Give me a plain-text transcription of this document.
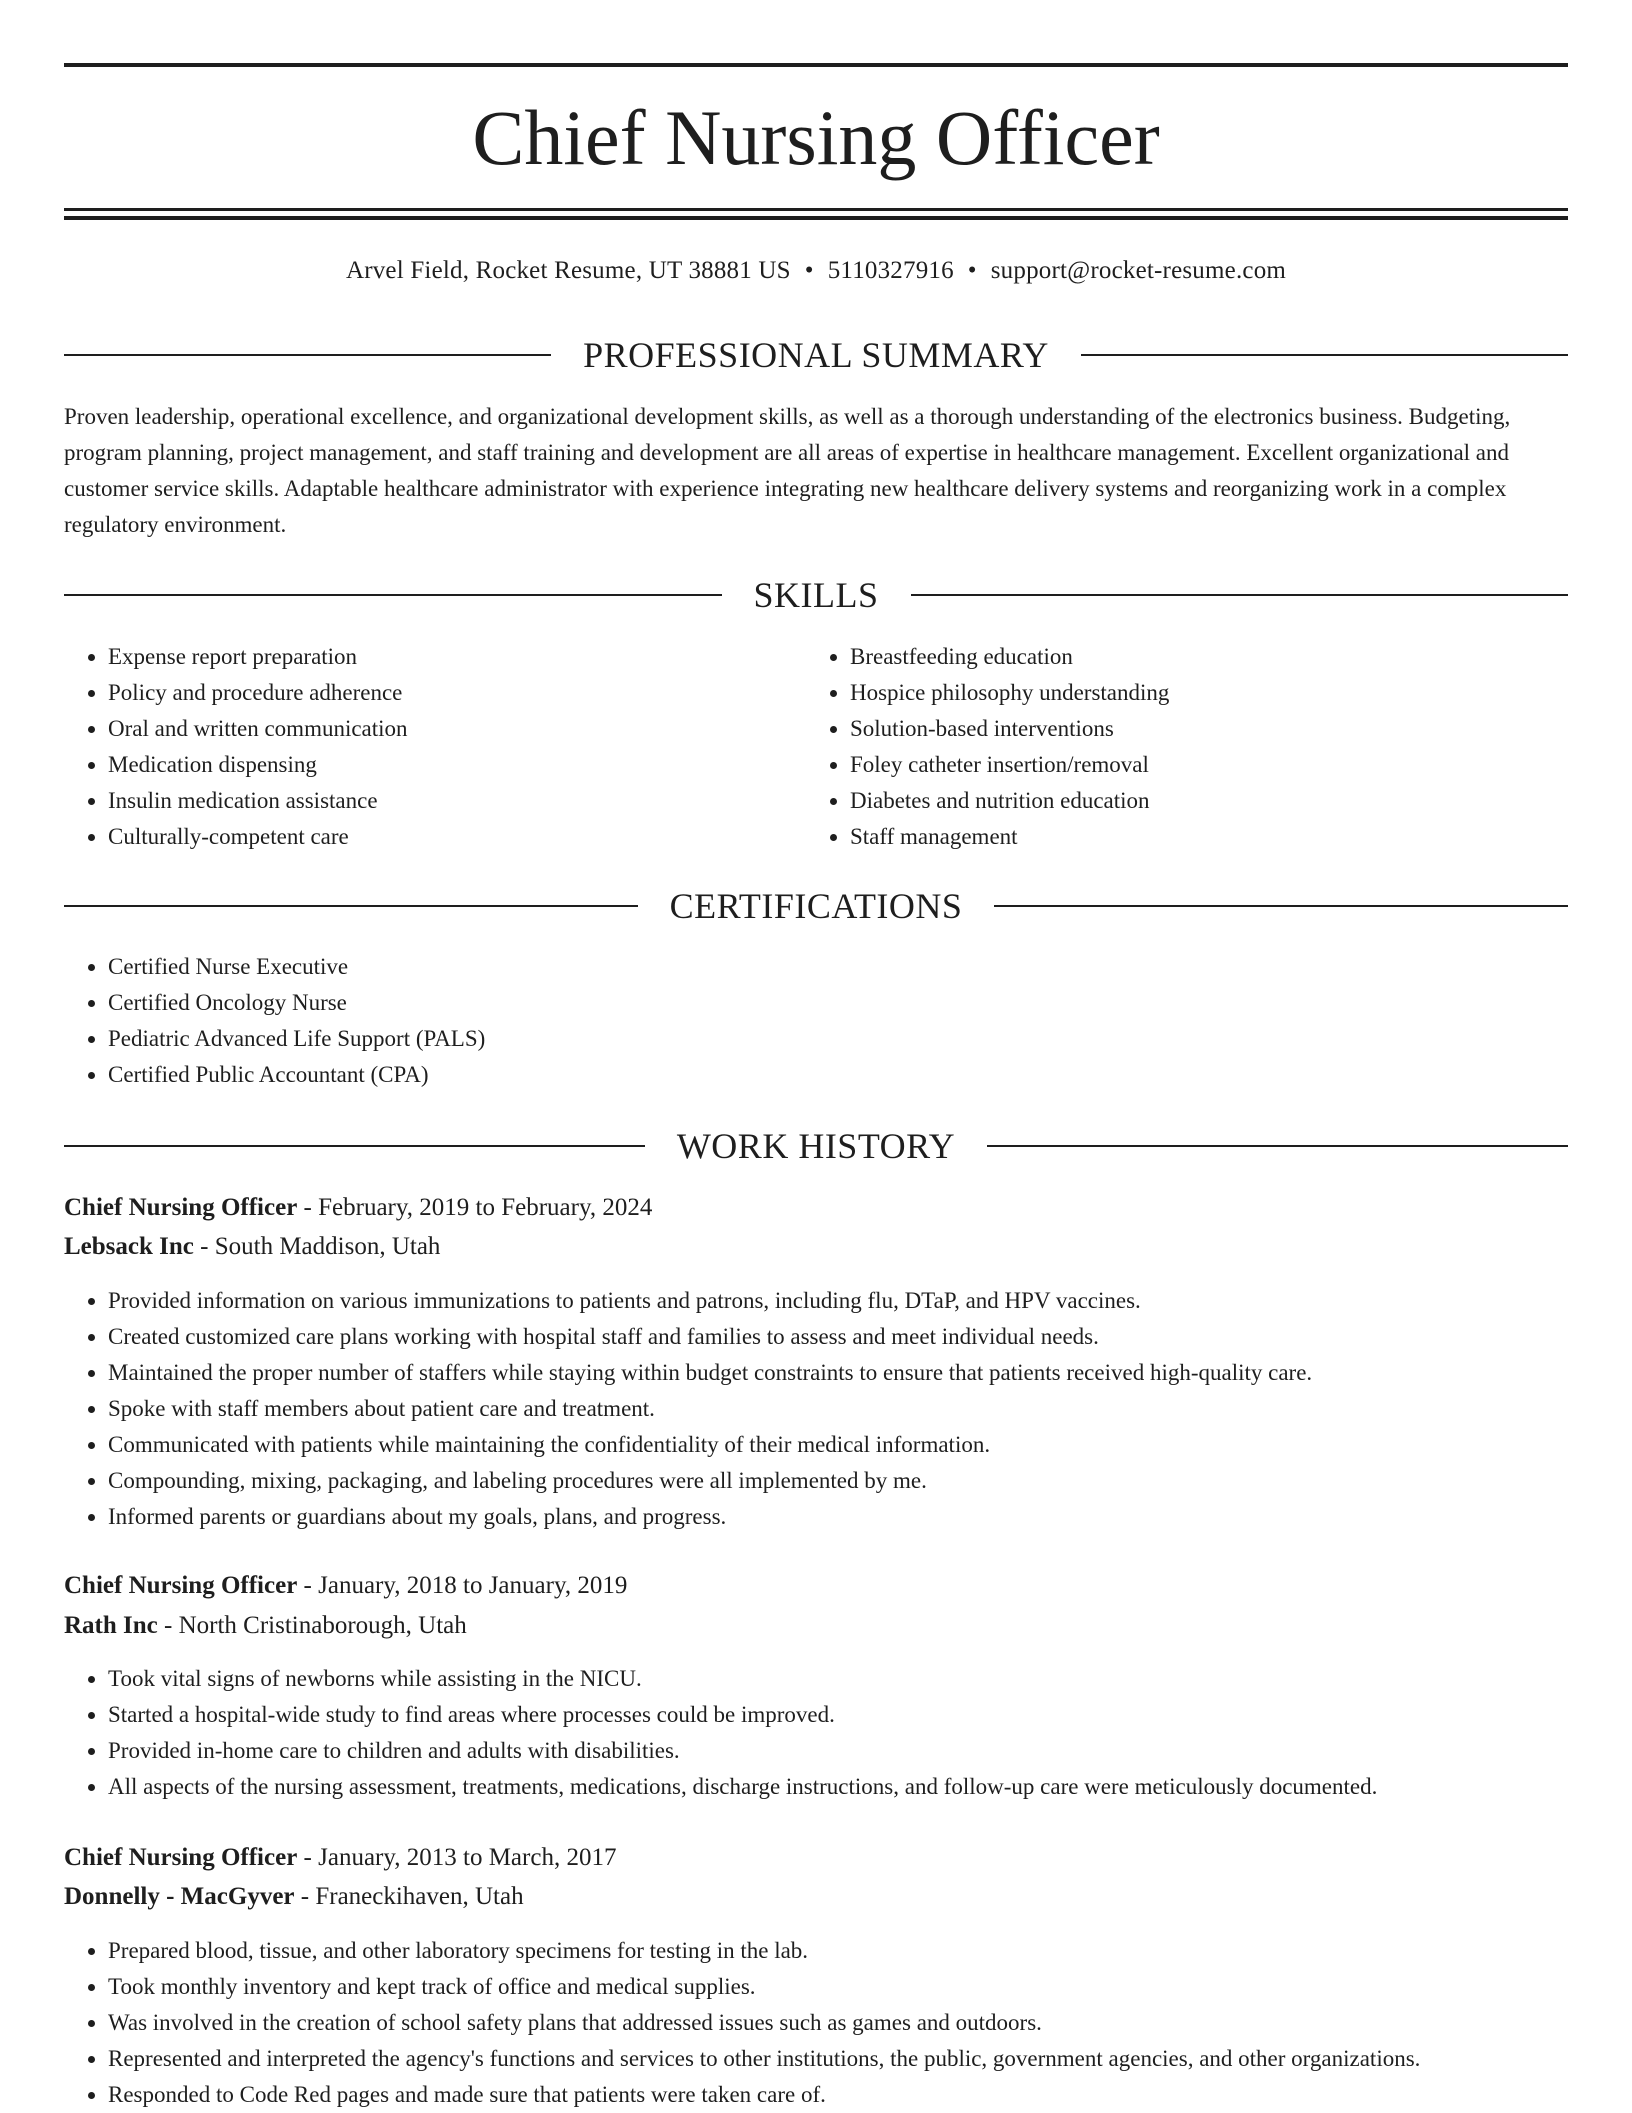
Chief Nursing Officer
Arvel Field, Rocket Resume, UT 38881 US • 5110327916 • support@rocket-resume.com
PROFESSIONAL SUMMARY

Proven leadership, operational excellence, and organizational development skills, as well as a thorough understanding of the electronics business. Budgeting, program planning, project management, and staff training and development are all areas of expertise in healthcare management. Excellent organizational and customer service skills. Adaptable healthcare administrator with experience integrating new healthcare delivery systems and reorganizing work in a complex regulatory environment.

SKILLS
• Expense report preparation
• Policy and procedure adherence
• Oral and written communication
• Medication dispensing
• Insulin medication assistance
• Culturally-competent care
• Breastfeeding education
• Hospice philosophy understanding
• Solution-based interventions
• Foley catheter insertion/removal
• Diabetes and nutrition education
• Staff management
CERTIFICATIONS
• Certified Nurse Executive
• Certified Oncology Nurse
• Pediatric Advanced Life Support (PALS)
• Certified Public Accountant (CPA)
WORK HISTORY
Chief Nursing Officer - February, 2019 to February, 2024
Lebsack Inc - South Maddison, Utah
• Provided information on various immunizations to patients and patrons, including flu, DTaP, and HPV vaccines.
• Created customized care plans working with hospital staff and families to assess and meet individual needs.
• Maintained the proper number of staffers while staying within budget constraints to ensure that patients received high-quality care.
• Spoke with staff members about patient care and treatment.
• Communicated with patients while maintaining the confidentiality of their medical information.
• Compounding, mixing, packaging, and labeling procedures were all implemented by me.
• Informed parents or guardians about my goals, plans, and progress.
Chief Nursing Officer - January, 2018 to January, 2019
Rath Inc - North Cristinaborough, Utah
• Took vital signs of newborns while assisting in the NICU.
• Started a hospital-wide study to find areas where processes could be improved.
• Provided in-home care to children and adults with disabilities.
• All aspects of the nursing assessment, treatments, medications, discharge instructions, and follow-up care were meticulously documented.
Chief Nursing Officer - January, 2013 to March, 2017
Donnelly - MacGyver - Franeckihaven, Utah
• Prepared blood, tissue, and other laboratory specimens for testing in the lab.
• Took monthly inventory and kept track of office and medical supplies.
• Was involved in the creation of school safety plans that addressed issues such as games and outdoors.
• Represented and interpreted the agency's functions and services to other institutions, the public, government agencies, and other organizations.
• Responded to Code Red pages and made sure that patients were taken care of.
